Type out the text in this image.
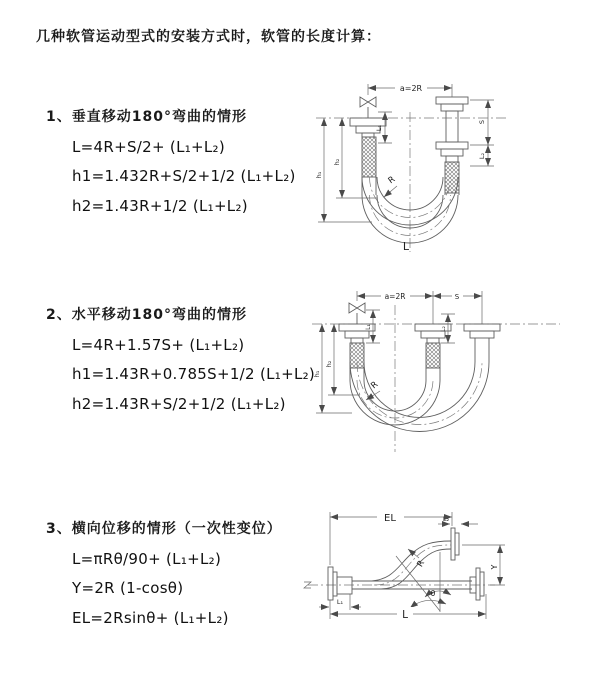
几种软管运动型式的安装方式时，软管的长度计算：
1、垂直移动180°弯曲的情形
L=4R+S/2+ (L₁+L₂)
h1=1.432R+S/2+1/2 (L₁+L₂)
h2=1.43R+1/2 (L₁+L₂)
2、水平移动180°弯曲的情形
L=4R+1.57S+ (L₁+L₂)
h1=1.43R+0.785S+1/2 (L₁+L₂)
h2=1.43R+S/2+1/2 (L₁+L₂)
3、横向位移的情形（一次性变位）
L=πRθ/90+ (L₁+L₂)
Y=2R (1-cosθ)
EL=2Rsinθ+ (L₁+L₂)
a=2R
L₁
S
L₂
h₁
h₂
R
L
a=2R	S
L₁	L₂
h₁
h₂
R
EL	L₂
θ
R	Y
L
L₁
